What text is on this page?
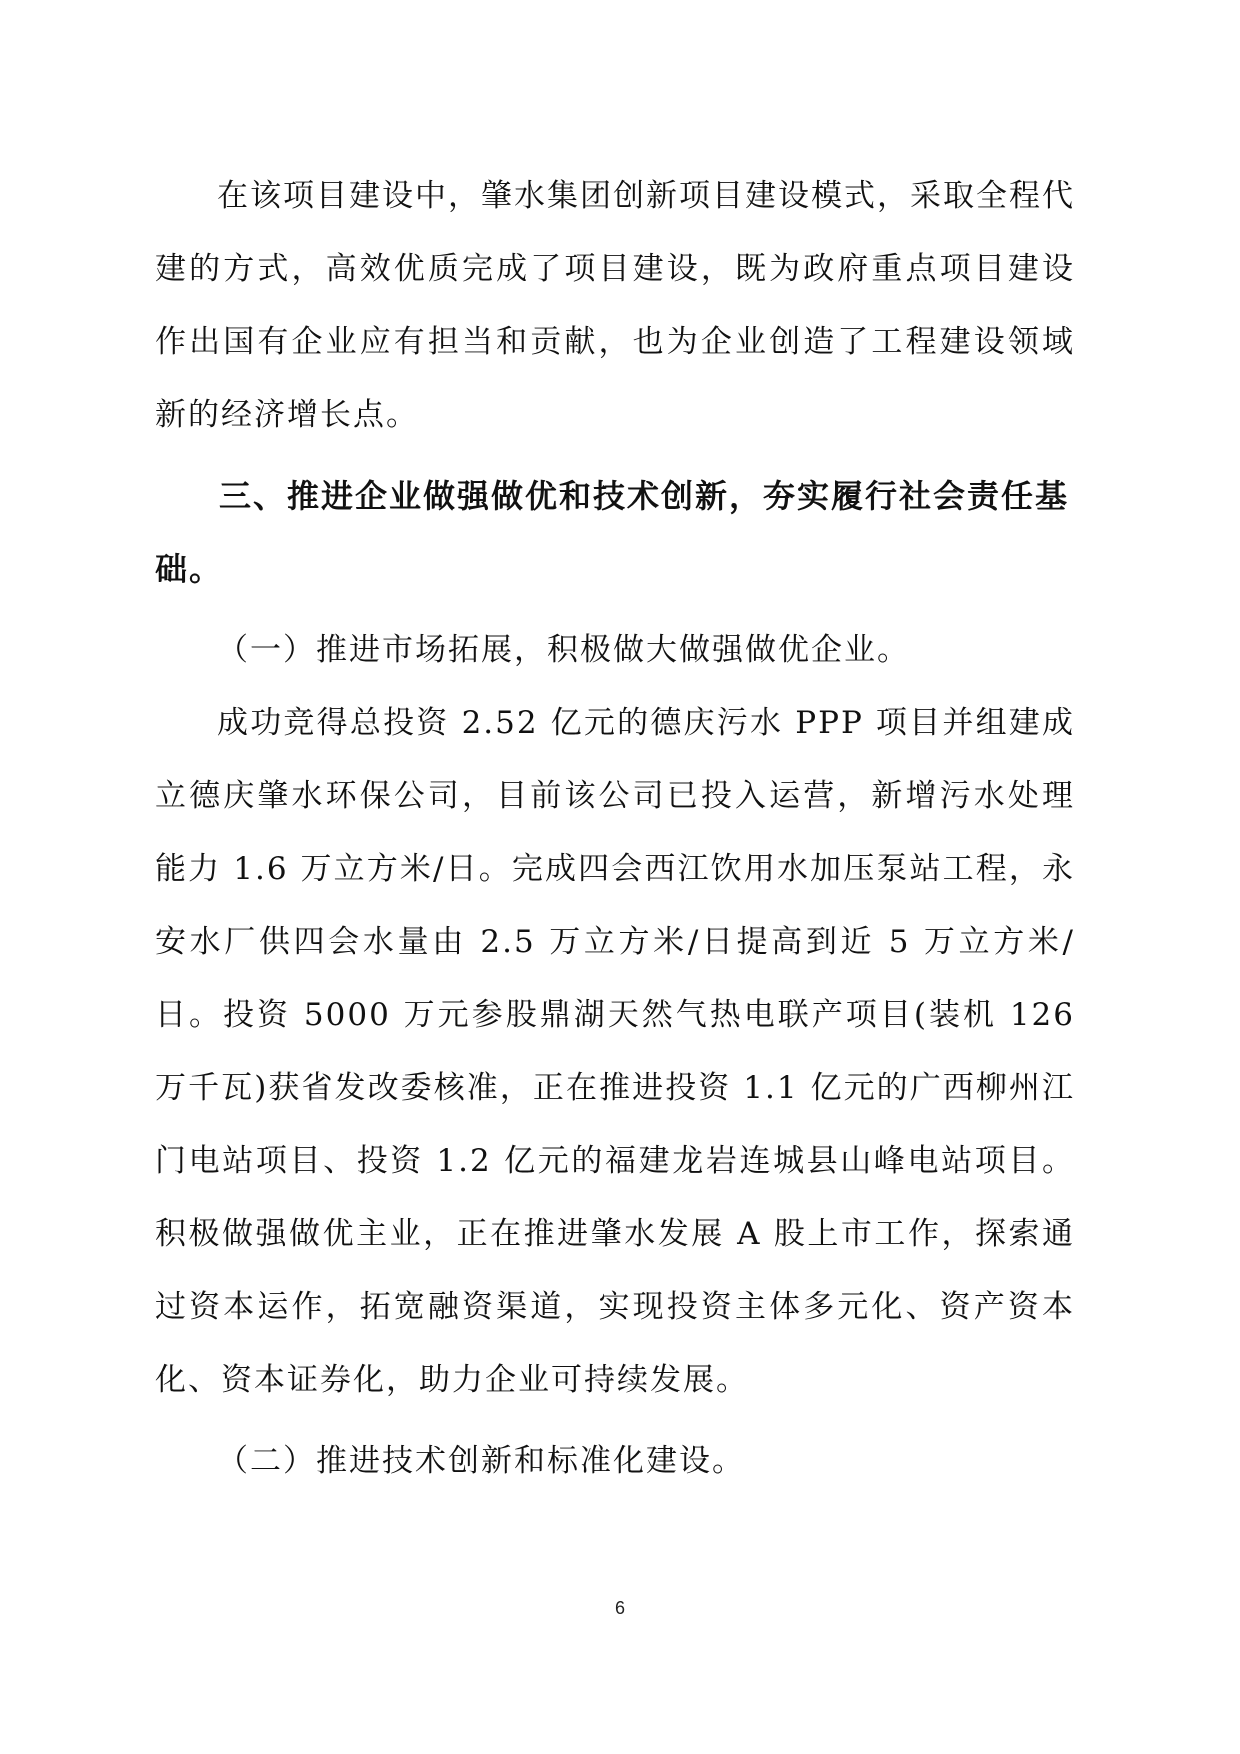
在该项目建设中，肇水集团创新项目建设模式，采取全程代建的方式，高效优质完成了项目建设，既为政府重点项目建设作出国有企业应有担当和贡献，也为企业创造了工程建设领域新的经济增长点。

三、推进企业做强做优和技术创新，夯实履行社会责任基础。

（一）推进市场拓展，积极做大做强做优企业。

成功竞得总投资 2.52 亿元的德庆污水 PPP 项目并组建成立德庆肇水环保公司，目前该公司已投入运营，新增污水处理能力 1.6 万立方米/日。完成四会西江饮用水加压泵站工程，永安水厂供四会水量由 2.5 万立方米/日提高到近 5 万立方米/日。投资 5000 万元参股鼎湖天然气热电联产项目(装机 126 万千瓦)获省发改委核准，正在推进投资 1.1 亿元的广西柳州江门电站项目、投资 1.2 亿元的福建龙岩连城县山峰电站项目。积极做强做优主业，正在推进肇水发展 A 股上市工作，探索通过资本运作，拓宽融资渠道，实现投资主体多元化、资产资本化、资本证券化，助力企业可持续发展。

（二）推进技术创新和标准化建设。

6
